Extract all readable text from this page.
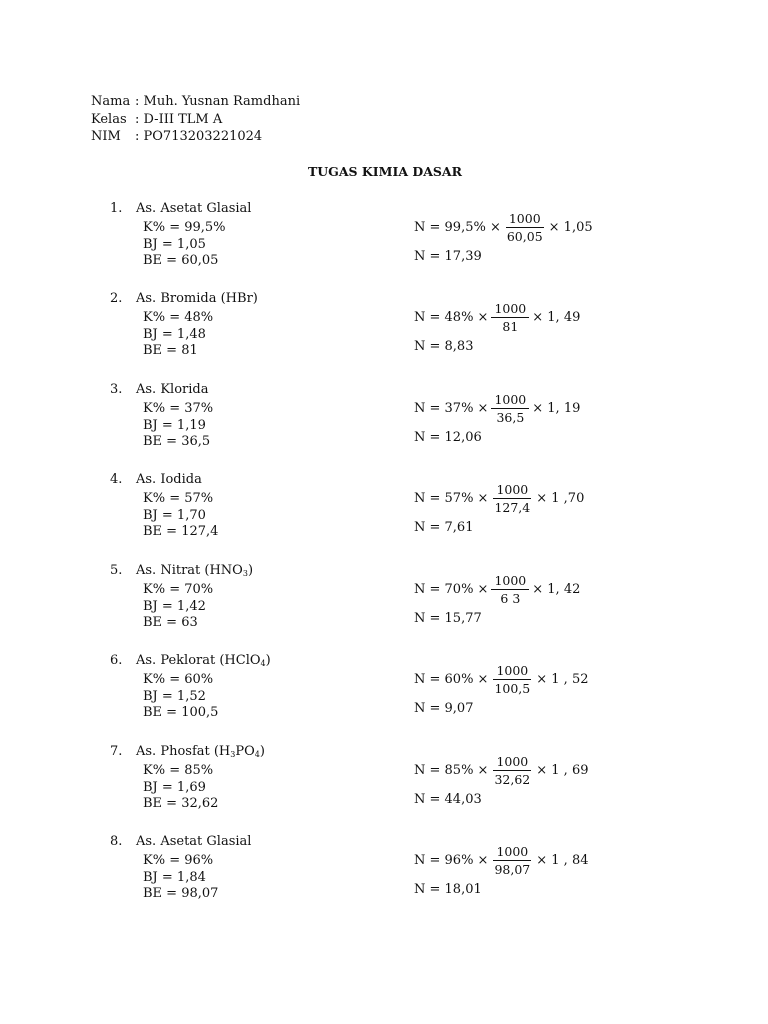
Nama : Muh. Yusnan Ramdhani
Kelas : D-III TLM A
NIM	: PO713203221024
TUGAS KIMIA DASAR
1. As. Asetat Glasial
K% = 99,5%
BJ = 1,05
BE = 60,05
$N = 99,5\% \times \frac{1000}{60,05} \times 1,05$
N = 17,39
2. As. Bromida (HBr)
K% = 48%
BJ = 1,48
BE = 81
$N = 48\% \times \frac{1000}{81} \times 1$, 49
N = 8,83
3. As. Klorida
K% = 37%
BJ = 1,19
BE = 36,5
$N = 37\% \times \frac{1000}{36,5} \times 1$, 19
N = 12,06
4. As. Iodida
K% = 57%
BJ = 1,70
BE = 127,4
$N = 57\% \times \frac{1000}{127,4} \times 1$ ,70
N = 7,61
5. As. Nitrat $(HNO_3)$
K% = 70%
BJ = 1,42
BE = 63
$N = 70\% \times \frac{1000}{6 3} \times 1$, 42
N = 15,77
6. As. Peklorat (HClO$_4$)
K% = 60%
BJ = 1,52
BE = 100,5
$N = 60\% \times \frac{1000}{100,5} \times 1$ , 52
N = 9,07
7. As. Phosfat $(H_3PO_4)$
K% = 85%
BJ = 1,69
BE = 32,62
$N = 85\% \times \frac{1000}{32,62} \times 1$ , 69
N = 44,03
8. As. Asetat Glasial
K% = 96%
BJ = 1,84
BE = 98,07
$N = 96\% \times \frac{1000}{98,07} \times 1$ , 84
N = 18,01
